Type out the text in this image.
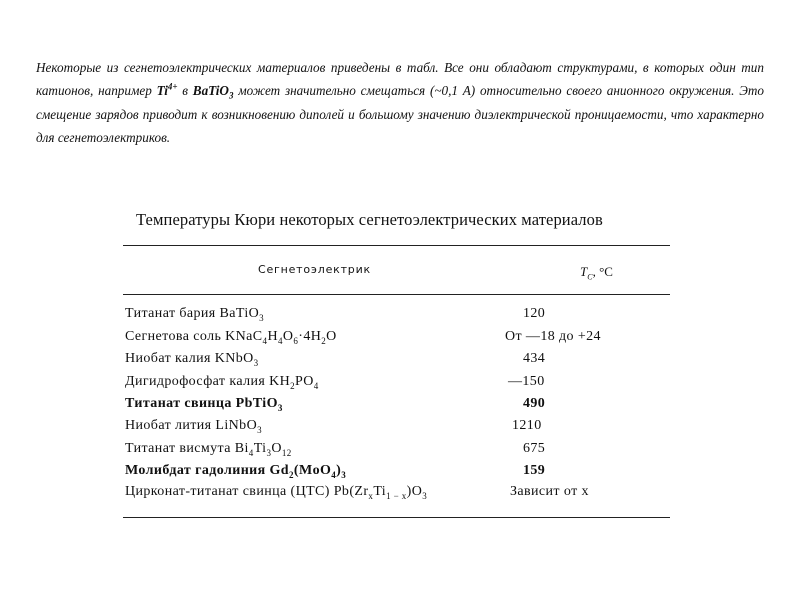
Некоторые из сегнетоэлектрических материалов приведены в табл. Все они обладают структурами, в которых один тип катионов, например $Ti^{4+}$ в BaTiO$_3$ может значительно смещаться (~0,1 A) относительно своего анионного окружения. Это смещение зарядов приводит к возникновению диполей и большому значению диэлектрической проницаемости, что характерно для сегнетоэлектриков.
Температуры Кюри некоторых сегнетоэлектрических материалов
Сегнетоэлектрик	$T_C$, °C
Титанат бария BaTiO$_3$	120
Сегнетова соль $KNaC_4H_4O_6\cdot 4H_2O$	От —18 до +24
Ниобат калия KNbO$_3$	434
Дигидрофосфат калия $KH_2PO_4$	—150
Титанат свинца PbTiO$_3$	490
Ниобат лития LiNbO$_3$	1210
Титанат висмута $Bi_4Ti_3O_{12}$	675
Молибдат гадолиния $Gd_2(MoO_4)_3$	159
Цирконат-титанат свинца (ЦТС) $Pb(Zr_xTi_{1 - x})O_3$	Зависит от x
